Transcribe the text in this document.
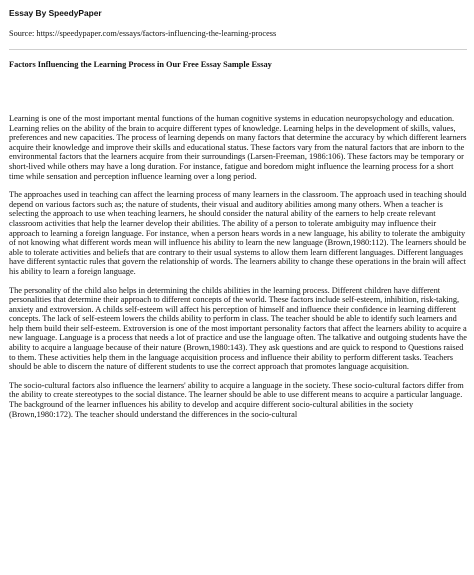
Essay By SpeedyPaper
Source: https://speedypaper.com/essays/factors-influencing-the-learning-process
Factors Influencing the Learning Process in Our Free Essay Sample Essay

Learning is one of the most important mental functions of the human cognitive systems in education neuropsychology and education. Learning relies on the ability of the brain to acquire different types of knowledge. Learning helps in the development of skills, values, preferences and new capacities. The process of learning depends on many factors that determine the accuracy by which different learners acquire their knowledge and improve their skills and educational status. These factors vary from the natural factors that are inborn to the environmental factors that the learners acquire from their surroundings (Larsen-Freeman, 1986:106). These factors may be temporary or short-lived while others may have a long duration. For instance, fatigue and boredom might influence the learning process for a short time while sensation and perception influence learning over a long period.

The approaches used in teaching can affect the learning process of many learners in the classroom. The approach used in teaching should depend on various factors such as; the nature of students, their visual and auditory abilities among many others. When a teacher is selecting the approach to use when teaching learners, he should consider the natural ability of the earners to help create relevant classroom activities that help the learner develop their abilities. The ability of a person to tolerate ambiguity may influence their approach to learning a foreign language. For instance, when a person hears words in a new language, his ability to tolerate the ambiguity of not knowing what different words mean will influence his ability to learn the new language (Brown,1980:112). The learners should be able to tolerate activities and beliefs that are contrary to their usual systems to allow them learn different languages. Different languages have different syntactic rules that govern the relationship of words. The learners ability to change these operations in the brain will affect his ability to learn a foreign language.

The personality of the child also helps in determining the childs abilities in the learning process. Different children have different personalities that determine their approach to different concepts of the world. These factors include self-esteem, inhibition, risk-taking, anxiety and extroversion. A childs self-esteem will affect his perception of himself and influence their confidence in learning different concepts. The lack of self-esteem lowers the childs ability to perform in class. The teacher should be able to identify such learners and help them build their self-esteem. Extroversion is one of the most important personality factors that affect the learners ability to acquire a new language. Language is a process that needs a lot of practice and use the language often. The talkative and outgoing students have the ability to acquire a language because of their nature (Brown,1980:143). They ask questions and are quick to respond to Questions raised to them. These activities help them in the language acquisition process and influence their ability to perform different tasks. Teachers should be able to discern the nature of different students to use the correct approach that promotes language acquisition.

The socio-cultural factors also influence the learners' ability to acquire a language in the society. These socio-cultural factors differ from the ability to create stereotypes to the social distance. The learner should be able to use different means to acquire a particular language. The background of the learner influences his ability to develop and acquire different socio-cultural abilities in the society (Brown,1980:172). The teacher should understand the differences in the socio-cultural
